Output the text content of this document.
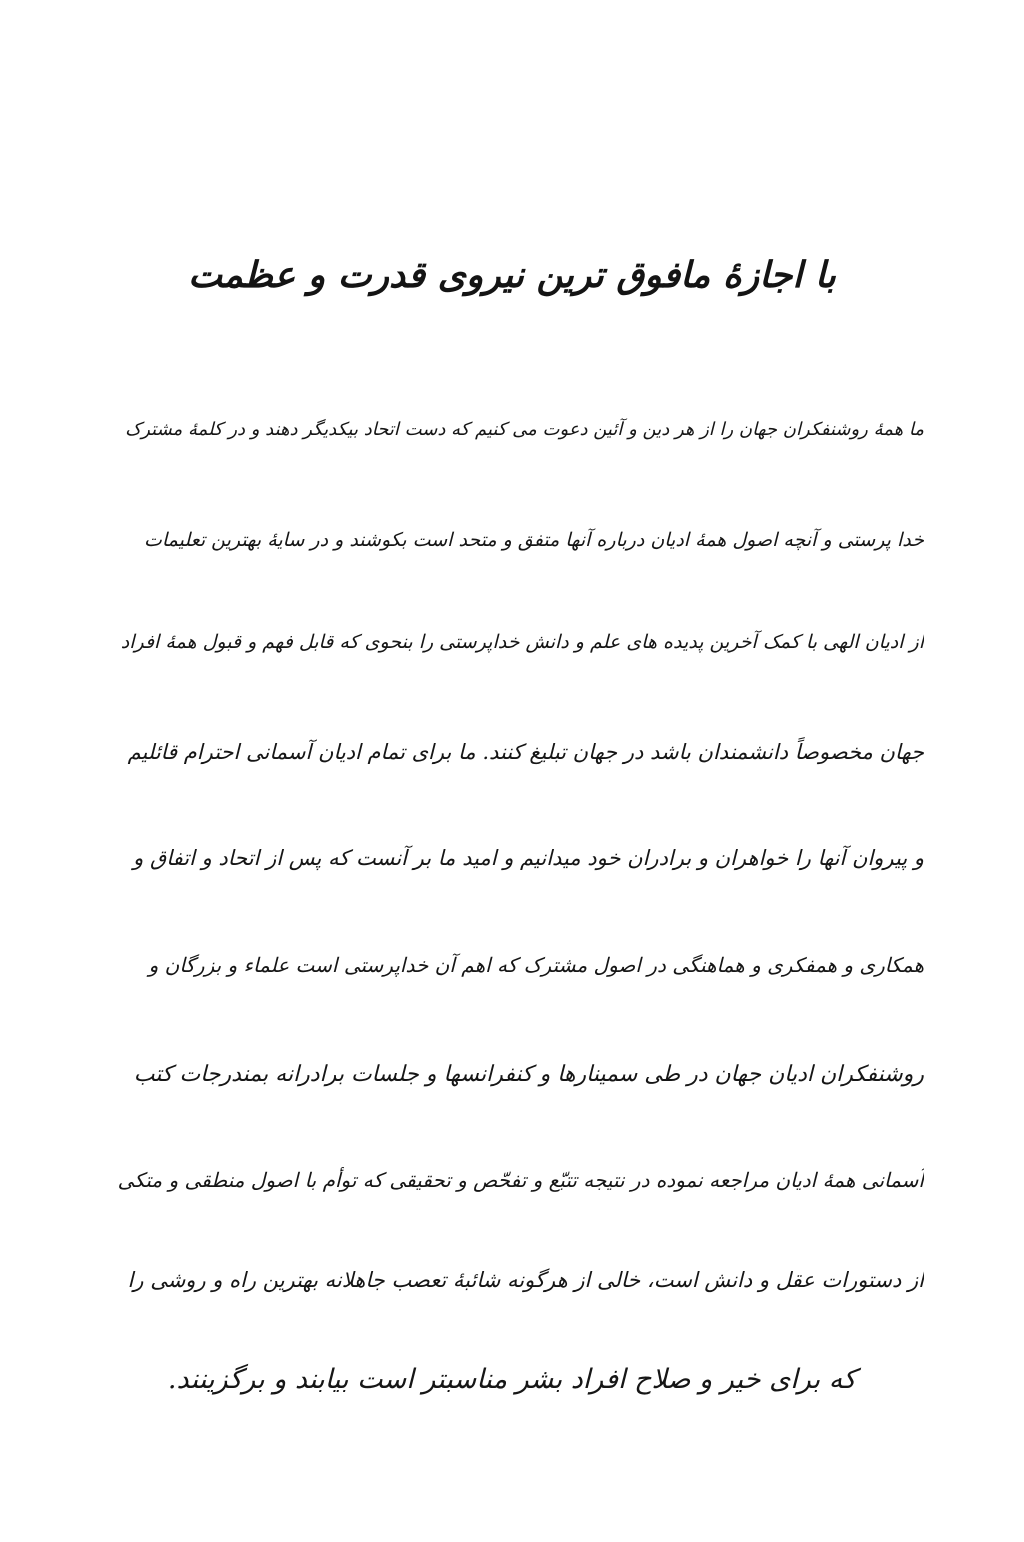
با اجازهٔ مافوق ترین نیروی قدرت و عظمت
ما همهٔ روشنفکران جهان را از هر دین و آئین دعوت می کنیم که دست اتحاد بیکدیگر دهند و در کلمهٔ مشترک
خدا پرستی و آنچه اصول همهٔ ادیان درباره آنها متفق و متحد است بکوشند و در سایهٔ بهترین تعلیمات
از ادیان الهی با کمک آخرین پدیده های علم و دانش خداپرستی را بنحوی که قابل فهم و قبول همهٔ افراد
جهان مخصوصاً دانشمندان باشد در جهان تبلیغ کنند. ما برای تمام ادیان آسمانی احترام قائلیم
و پیروان آنها را خواهران و برادران خود میدانیم و امید ما بر آنست که پس از اتحاد و اتفاق و
همکاری و همفکری و هماهنگی در اصول مشترک که اهم آن خداپرستی است علماء و بزرگان و
روشنفکران ادیان جهان در طی سمینارها و کنفرانسها و جلسات برادرانه بمندرجات کتب
آسمانی همهٔ ادیان مراجعه نموده در نتیجه تتبّع و تفحّص و تحقیقی که توأم با اصول منطقی و متکی
از دستورات عقل و دانش است، خالی از هرگونه شائبهٔ تعصب جاهلانه بهترین راه و روشی را
که برای خیر و صلاح افراد بشر مناسبتر است بیابند و برگزینند.
